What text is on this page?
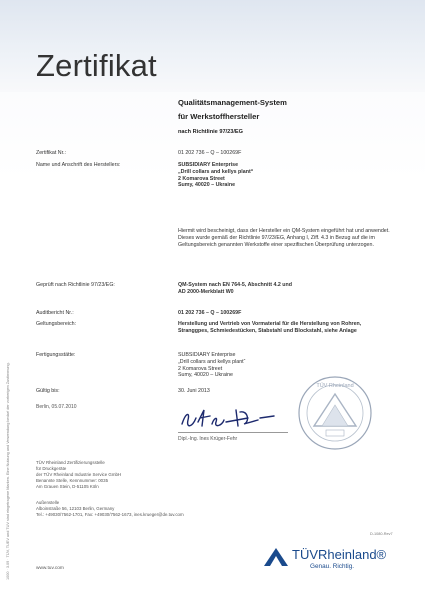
Zertifikat
Qualitätsmanagement-System
für Werkstoffhersteller
nach Richtlinie 97/23/EG
Zertifikat Nr.:	01 202 736 – Q – 100269F
Name und Anschrift des Herstellers:	SUBSIDIARY Enterprise
„Drill collars and kellys plant“
2 Komarova Street
Sumy, 40020 – Ukraine
Hiermit wird bescheinigt, dass der Hersteller ein QM-System eingeführt hat und anwendet. Dieses wurde gemäß der Richtlinie 97/23/EG, Anhang I, Ziff. 4.3 in Bezug auf die im Geltungsbereich genannten Werkstoffe einer spezifischen Überprüfung unterzogen.
Geprüft nach Richtlinie 97/23/EG:	QM-System nach EN 764-5, Abschnitt 4.2 und
AD 2000-Merkblatt W0
Auditbericht Nr.:	01 202 736 – Q – 100269F
Geltungsbereich:	Herstellung und Vertrieb von Vormaterial für die Herstellung von Rohren, Stranggpes, Schmiedestücken, Stabstahl und Blockstahl, siehe Anlage
Fertigungsstätte:	SUBSIDIARY Enterprise
„Drill collars and kellys plant“
2 Komarova Street
Sumy, 40020 – Ukraine
Gültig bis:	30. Juni 2013
TÜV Rheinland
Berlin, 05.07.2010
Dipl.-Ing. Ines Krüger-Fehr
TÜV Rheinland Zertifizierungsstelle
für Druckgeräte
der TÜV Rheinland Industrie Service GmbH
Benannte Stelle, Kennnummer: 0035
Am Grauen Stein, D-51105 Köln
Außenstelle
Alboinstraße 56, 12103 Berlin, Germany
Tel.: +49030/7562-1701, Fax: +49030/7562-1673, ines.krueger@de.tuv.com
D-1080-Rev7
www.tuv.com
TÜVRheinland®
Genau. Richtig.
1000 · 3.09 · TÜV, TUEV und TUV sind eingetragene Marken. Eine Nutzung und Verwendung bedarf der vorherigen Zustimmung.
